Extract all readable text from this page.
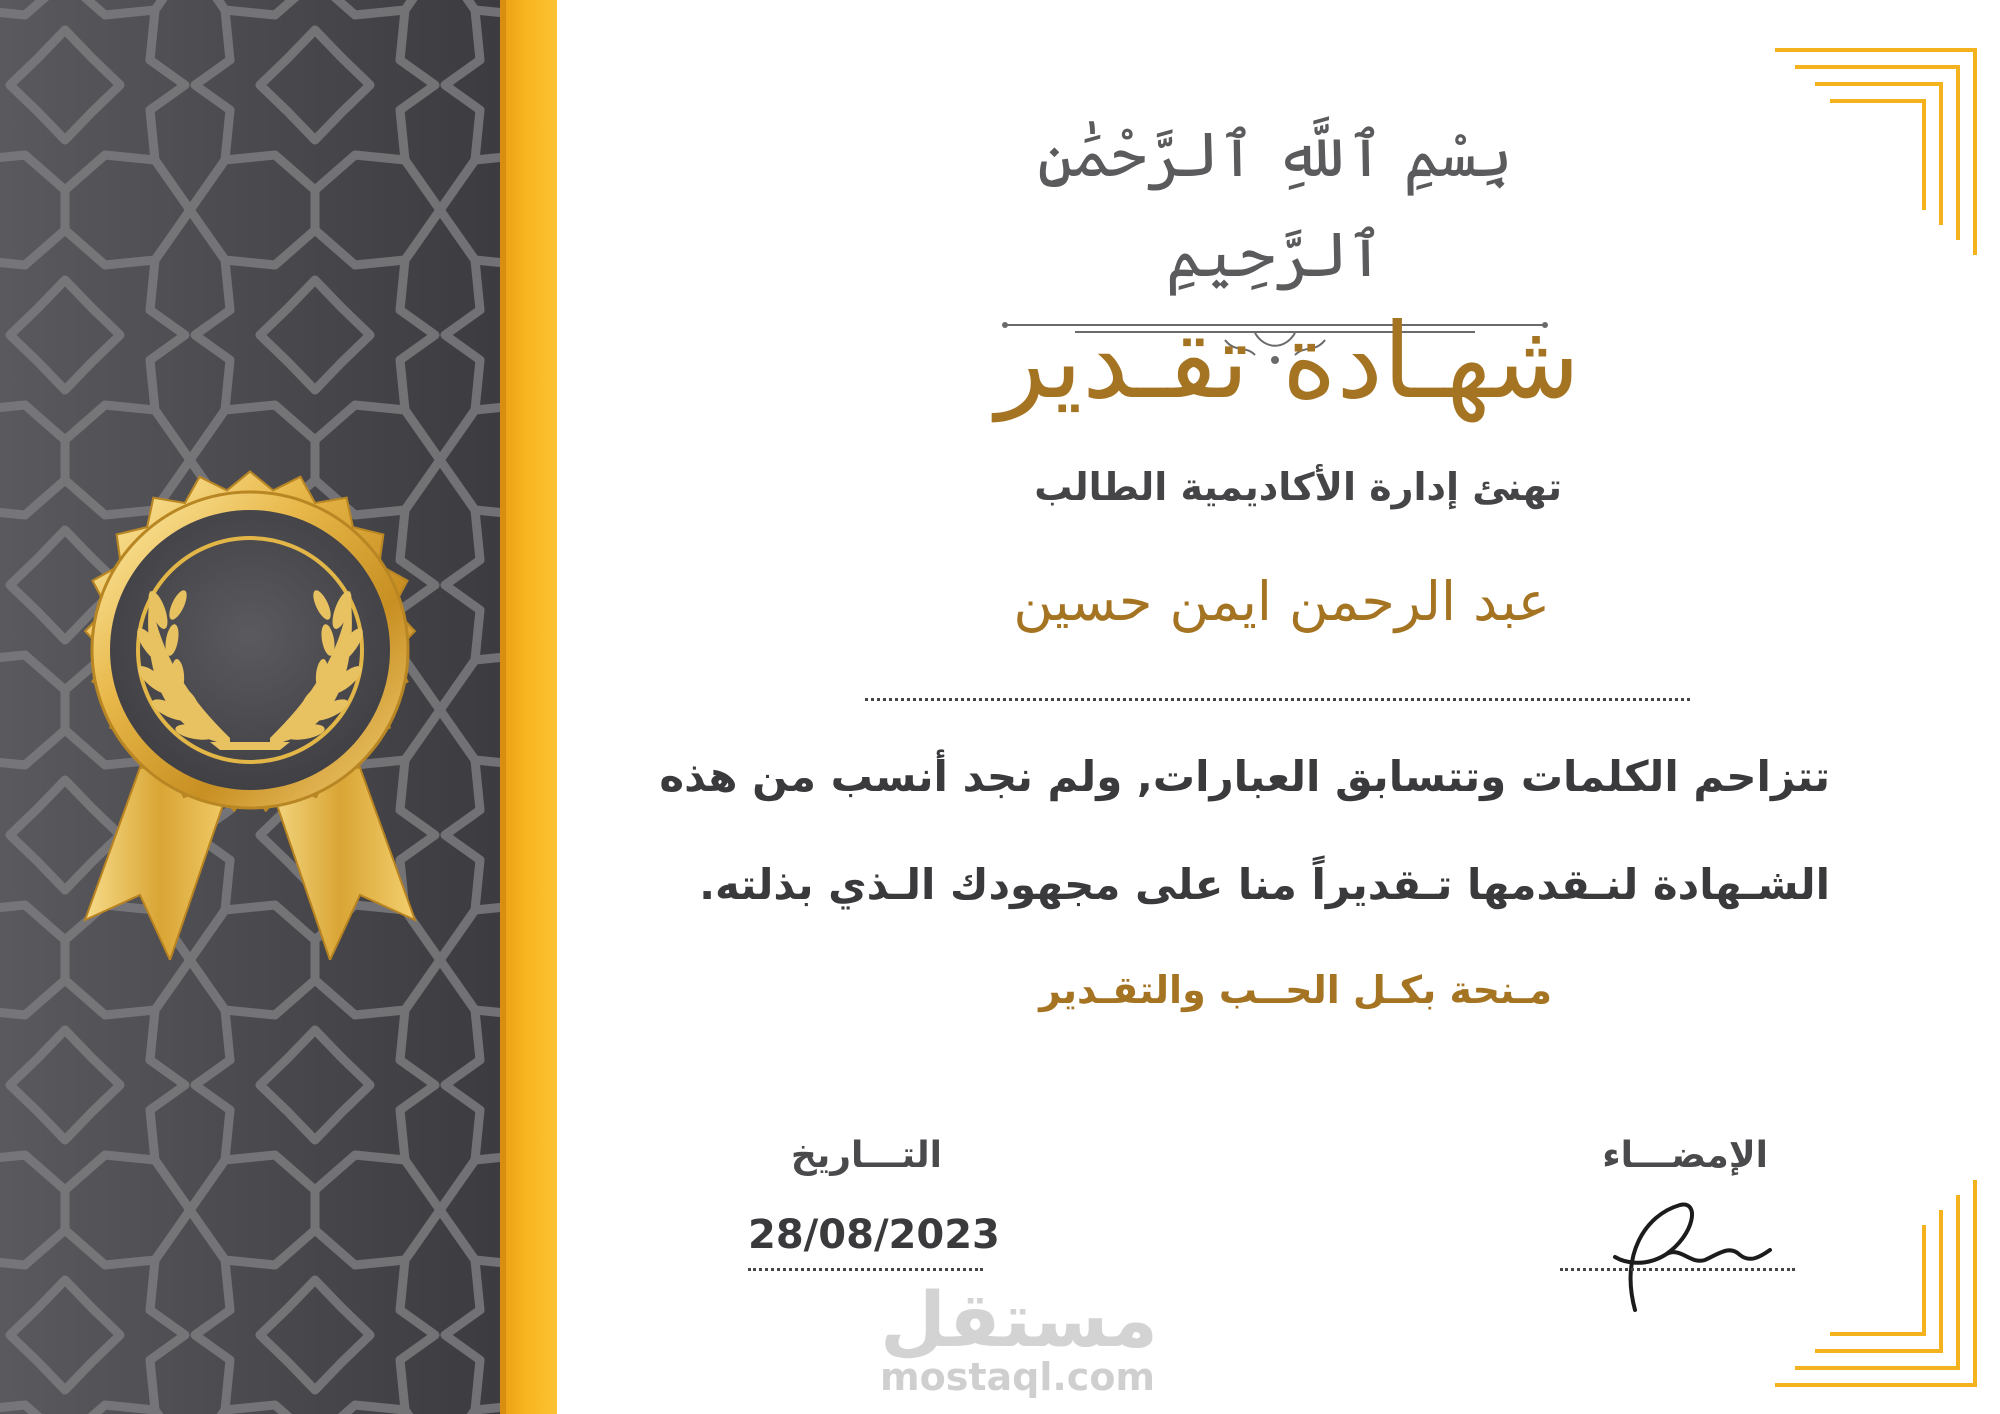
بِسْمِ ٱللَّهِ ٱلرَّحْمَٰنِ ٱلرَّحِيمِ
شهـادة تقـدير
تهنئ إدارة الأكاديمية الطالب
عبد الرحمن ايمن حسين
تتزاحم الكلمات وتتسابق العبارات, ولم نجد أنسب من هذه
الشـهادة لنـقدمها تـقديراً منا على مجهودك الـذي بذلته.
مـنحة بكـل الحــب والتقـدير
التـــاريخ
28/08/2023
الإمضـــاء
مستقل
mostaql.com
